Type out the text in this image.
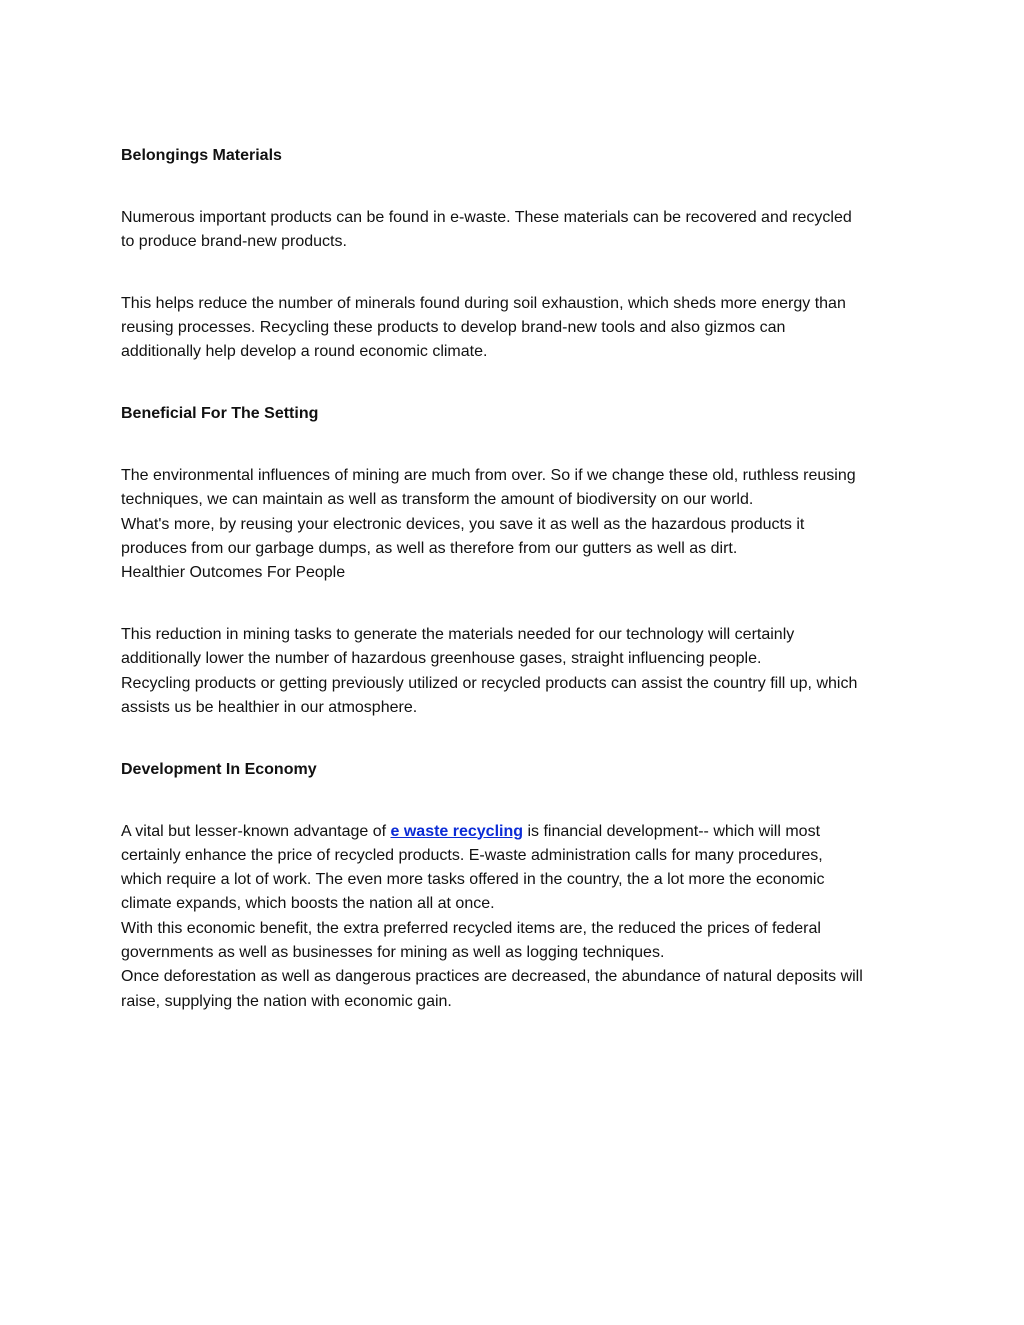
Belongings Materials

Numerous important products can be found in e-waste. These materials can be recovered and recycled
to produce brand-new products.

This helps reduce the number of minerals found during soil exhaustion, which sheds more energy than
reusing processes. Recycling these products to develop brand-new tools and also gizmos can
additionally help develop a round economic climate.

Beneficial For The Setting

The environmental influences of mining are much from over. So if we change these old, ruthless reusing
techniques, we can maintain as well as transform the amount of biodiversity on our world.
What's more, by reusing your electronic devices, you save it as well as the hazardous products it
produces from our garbage dumps, as well as therefore from our gutters as well as dirt.
Healthier Outcomes For People

This reduction in mining tasks to generate the materials needed for our technology will certainly
additionally lower the number of hazardous greenhouse gases, straight influencing people.
Recycling products or getting previously utilized or recycled products can assist the country fill up, which
assists us be healthier in our atmosphere.

Development In Economy

A vital but lesser-known advantage of e waste recycling is financial development-- which will most
certainly enhance the price of recycled products. E-waste administration calls for many procedures,
which require a lot of work. The even more tasks offered in the country, the a lot more the economic
climate expands, which boosts the nation all at once.
With this economic benefit, the extra preferred recycled items are, the reduced the prices of federal
governments as well as businesses for mining as well as logging techniques.
Once deforestation as well as dangerous practices are decreased, the abundance of natural deposits will
raise, supplying the nation with economic gain.
